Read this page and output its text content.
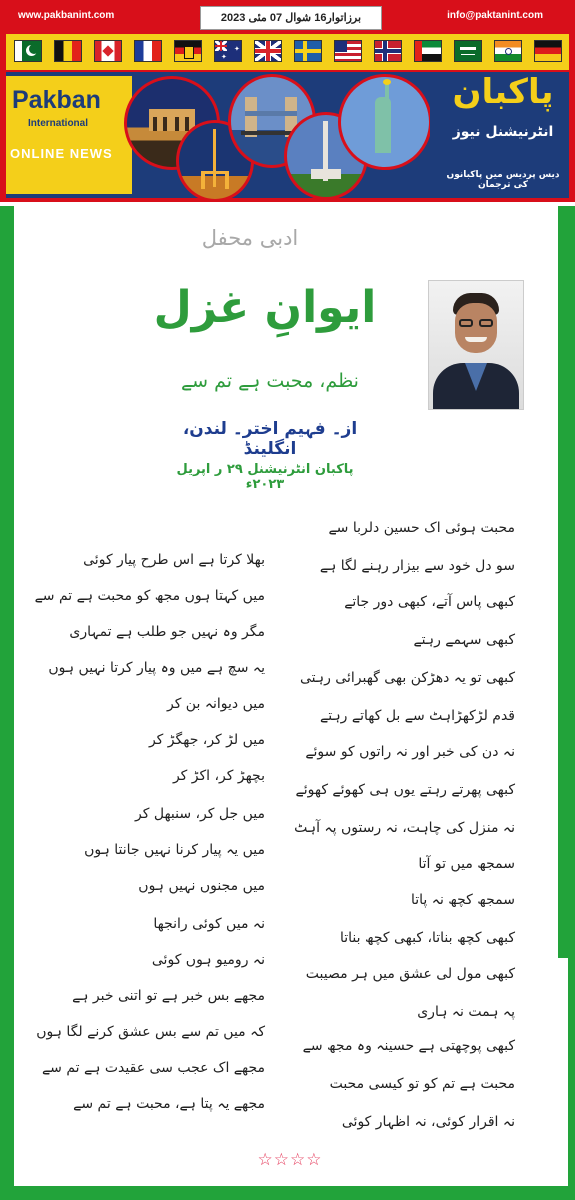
www.pakbanint.com	برزاتوار16 شوال 07 مئی 2023	info@paktanint.com
✦
✦
Pakban
International
ONLINE NEWS
پاکبان
انٹرنیشنل نیوز
دیس پردیس میں پاکبانوں کی ترجمان
ادبی محفل
ایوانِ غزل
نظم، محبت ہے تم سے
از۔ فہیم اختر۔ لندن، انگلینڈ
پاکبان انٹرنیشنل ۲۹ ر اپریل ۲۰۲۳ء
محبت ہوئی اک حسین دلربا سے
سو دل خود سے بیزار رہنے لگا ہے
کبھی پاس آتے، کبھی دور جاتے
کبھی سہمے رہتے
کبھی تو یہ دھڑکن بھی گھبرائی رہتی
قدم لڑکھڑاہٹ سے بل کھاتے رہتے
نہ دن کی خبر اور نہ راتوں کو سوئے
کبھی پھرتے رہتے یوں ہی کھوئے کھوئے
نہ منزل کی چاہت، نہ رستوں پہ آہٹ
سمجھ میں تو آتا
سمجھ کچھ نہ پاتا
کبھی کچھ بناتا، کبھی کچھ بناتا
کبھی مول لی عشق میں ہر مصیبت
پہ ہمت نہ ہاری
کبھی پوچھتی ہے حسینہ وہ مجھ سے
محبت ہے تم کو تو کیسی محبت
نہ اقرار کوئی، نہ اظہار کوئی
بھلا کرتا ہے اس طرح پیار کوئی
میں کہتا ہوں مجھ کو محبت ہے تم سے
مگر وہ نہیں جو طلب ہے تمہاری
یہ سچ ہے میں وہ پیار کرتا نہیں ہوں
میں دیوانہ بن کر
میں لڑ کر، جھگڑ کر
بچھڑ کر، اکڑ کر
میں جل کر، سنبھل کر
میں یہ پیار کرنا نہیں جانتا ہوں
میں مجنوں نہیں ہوں
نہ میں کوئی رانجھا
نہ رومیو ہوں کوئی
مجھے بس خبر ہے تو اتنی خبر ہے
کہ میں تم سے بس عشق کرنے لگا ہوں
مجھے اک عجب سی عقیدت ہے تم سے
مجھے یہ پتا ہے، محبت ہے تم سے
☆☆☆☆
